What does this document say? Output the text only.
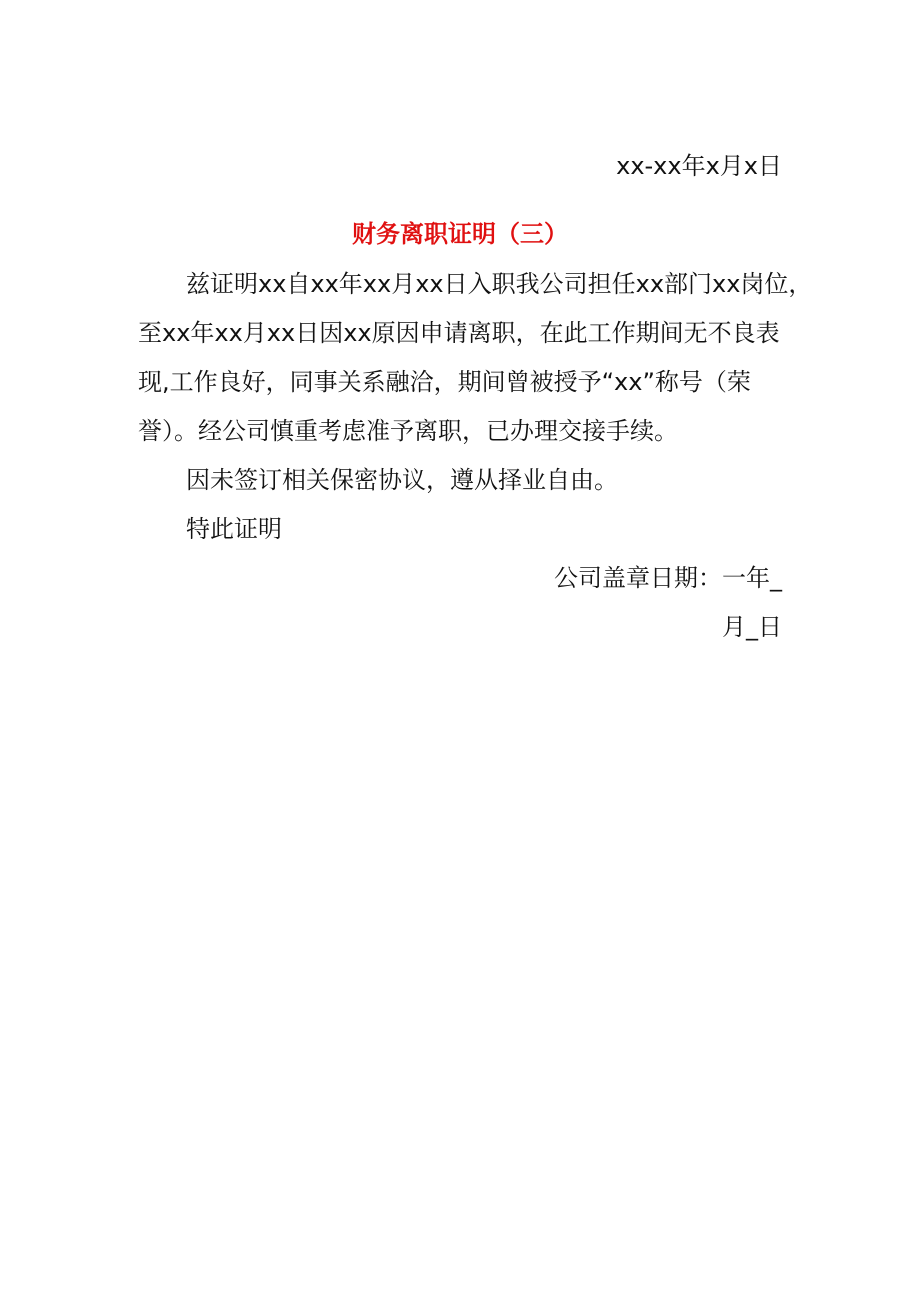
xx-xx年x月x日

财务离职证明（三）

兹证明xx自xx年xx月xx日入职我公司担任xx部门xx岗位，

至xx年xx月xx日因xx原因申请离职，在此工作期间无不良表

现,工作良好，同事关系融洽，期间曾被授予“xx”称号（荣

誉）。经公司慎重考虑准予离职，已办理交接手续。

因未签订相关保密协议，遵从择业自由。

特此证明

公司盖章日期：一年_

月_日
